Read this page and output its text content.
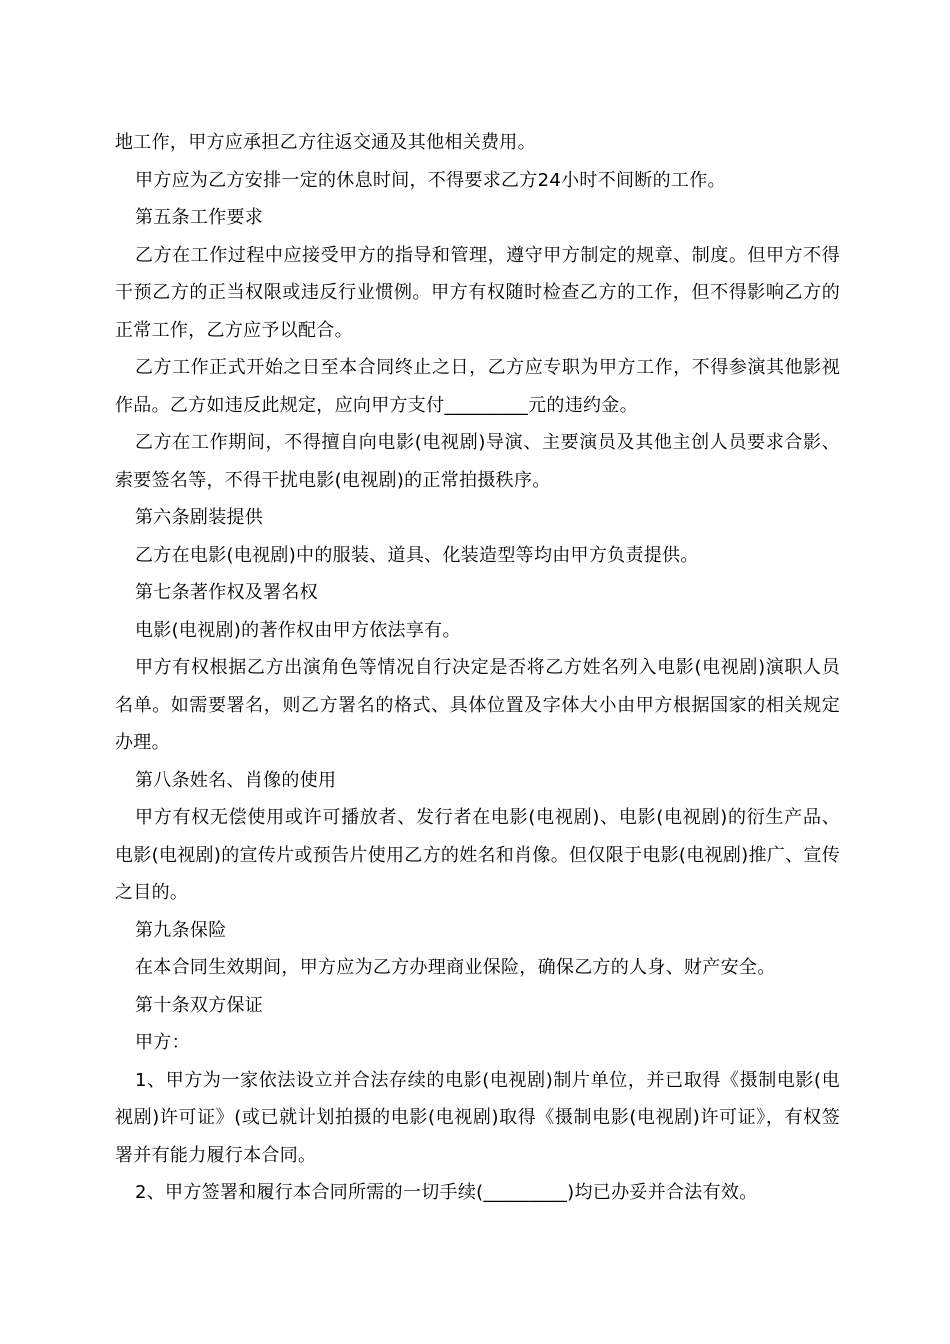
地工作，甲方应承担乙方往返交通及其他相关费用。

甲方应为乙方安排一定的休息时间，不得要求乙方24小时不间断的工作。

第五条工作要求

乙方在工作过程中应接受甲方的指导和管理，遵守甲方制定的规章、制度。但甲方不得干预乙方的正当权限或违反行业惯例。甲方有权随时检查乙方的工作，但不得影响乙方的正常工作，乙方应予以配合。

乙方工作正式开始之日至本合同终止之日，乙方应专职为甲方工作，不得参演其他影视作品。乙方如违反此规定，应向甲方支付_________元的违约金。

乙方在工作期间，不得擅自向电影(电视剧)导演、主要演员及其他主创人员要求合影、索要签名等，不得干扰电影(电视剧)的正常拍摄秩序。

第六条剧装提供

乙方在电影(电视剧)中的服装、道具、化装造型等均由甲方负责提供。

第七条著作权及署名权

电影(电视剧)的著作权由甲方依法享有。

甲方有权根据乙方出演角色等情况自行决定是否将乙方姓名列入电影(电视剧)演职人员名单。如需要署名，则乙方署名的格式、具体位置及字体大小由甲方根据国家的相关规定办理。

第八条姓名、肖像的使用

甲方有权无偿使用或许可播放者、发行者在电影(电视剧)、电影(电视剧)的衍生产品、电影(电视剧)的宣传片或预告片使用乙方的姓名和肖像。但仅限于电影(电视剧)推广、宣传之目的。

第九条保险

在本合同生效期间，甲方应为乙方办理商业保险，确保乙方的人身、财产安全。

第十条双方保证

甲方：

1、甲方为一家依法设立并合法存续的电影(电视剧)制片单位，并已取得《摄制电影(电视剧)许可证》(或已就计划拍摄的电影(电视剧)取得《摄制电影(电视剧)许可证》，有权签署并有能力履行本合同。

2、甲方签署和履行本合同所需的一切手续(_________)均已办妥并合法有效。
